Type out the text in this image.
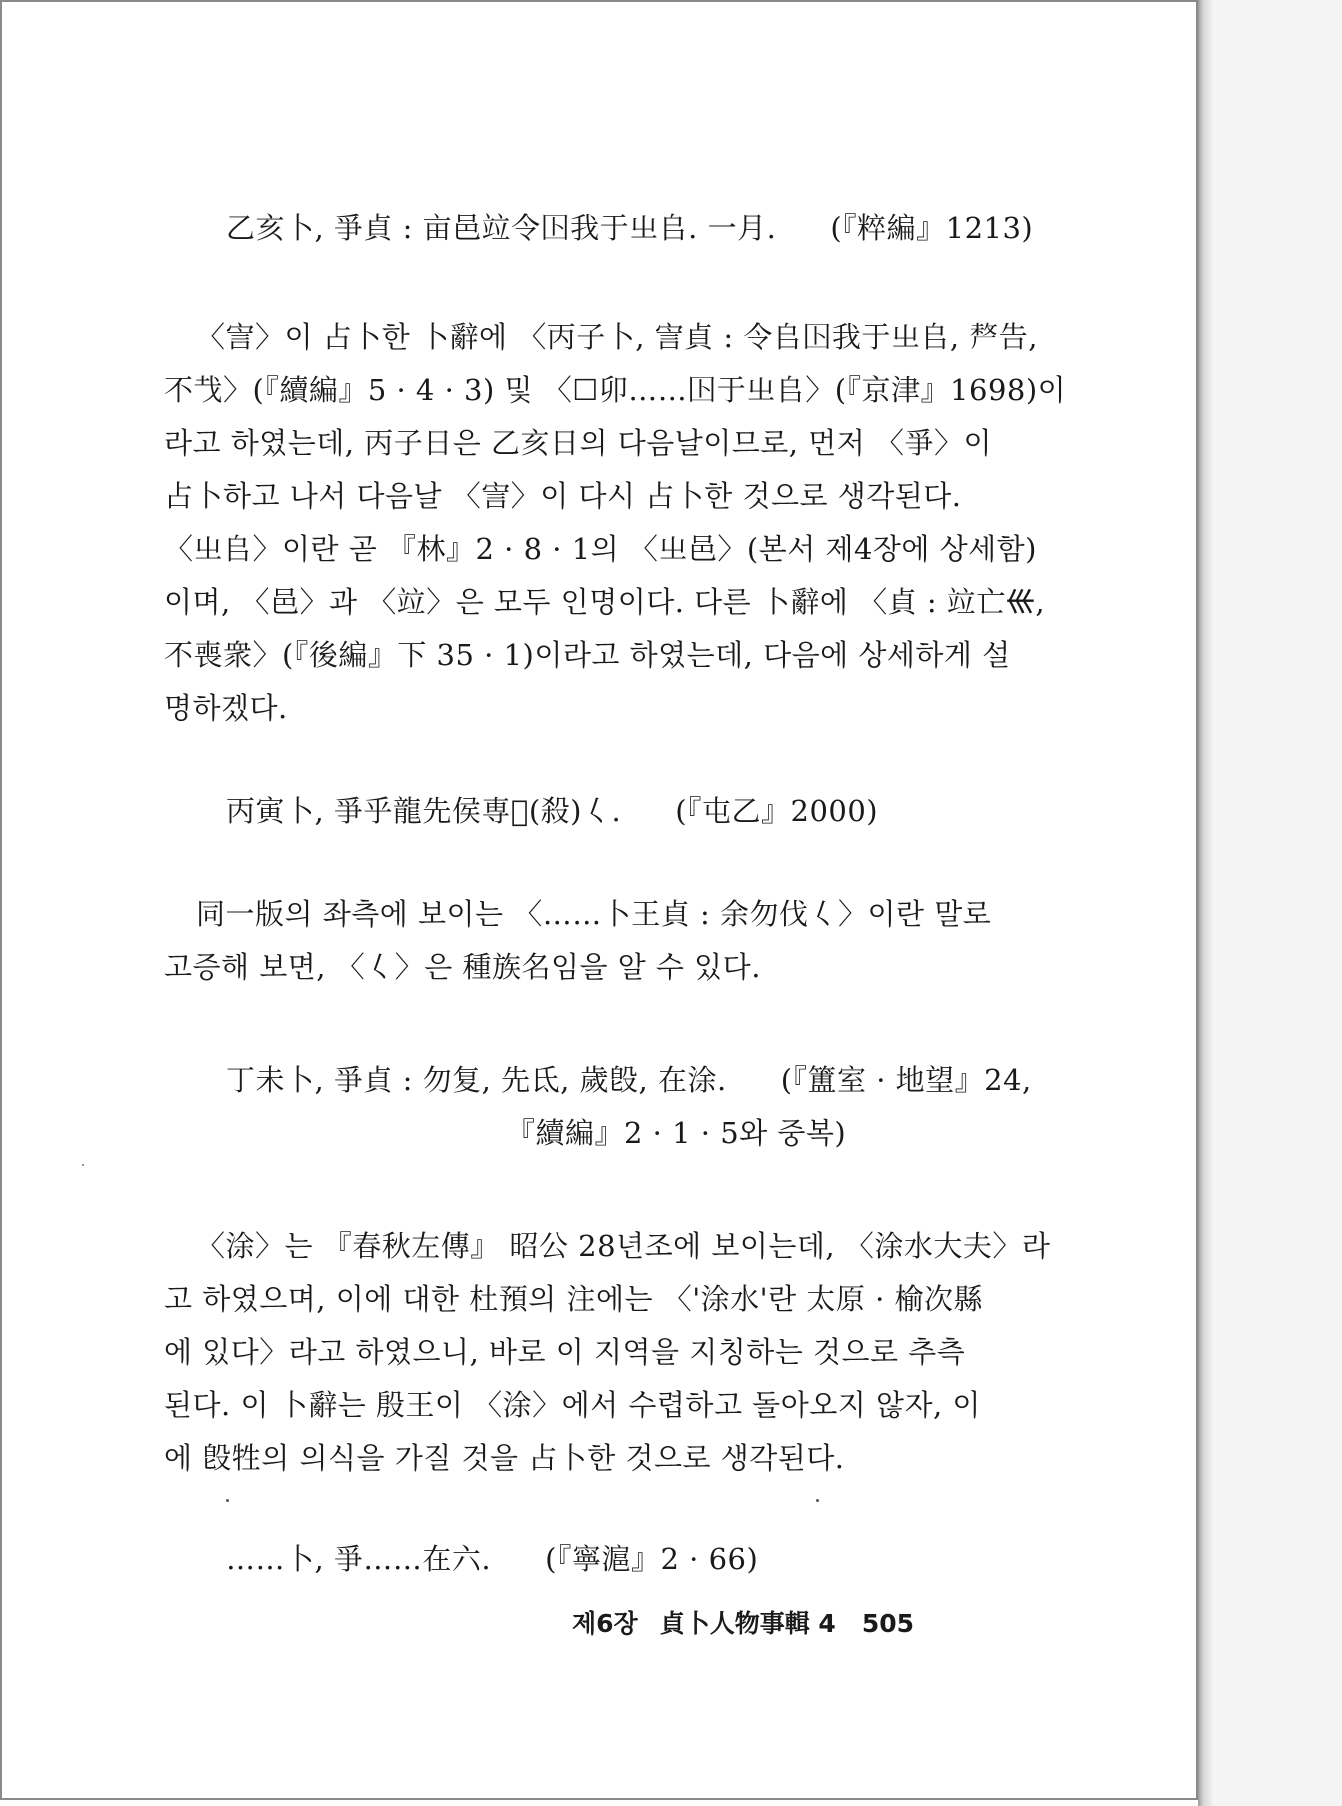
乙亥卜, 爭貞 : 亩邑竝令𡆥我于㞢𠂤. 一月. (『粹編』1213)
〈㝘〉이 占卜한 卜辭에 〈丙子卜, 㝘貞 : 令𠂤𡆥我于㞢𠂤, 𠩺告,
不𢦏〉(『續編』5 · 4 · 3) 및 〈☐卯……𡆥于㞢𠂤〉(『京津』1698)이
라고 하였는데, 丙子日은 乙亥日의 다음날이므로, 먼저 〈爭〉이
占卜하고 나서 다음날 〈㝘〉이 다시 占卜한 것으로 생각된다.
〈㞢𠂤〉이란 곧 『林』2 · 8 · 1의 〈㞢邑〉(본서 제4장에 상세함)
이며, 〈邑〉과 〈竝〉은 모두 인명이다. 다른 卜辭에 〈貞 : 竝亡𡿧,
不喪衆〉(『後編』下 35 · 1)이라고 하였는데, 다음에 상세하게 설
명하겠다.
丙寅卜, 爭乎龍先侯専𢻱(殺)𡿨. (『屯乙』2000)
同一版의 좌측에 보이는 〈……卜王貞 : 余勿伐𡿨〉이란 말로
고증해 보면, 〈𡿨〉은 種族名임을 알 수 있다.
丁未卜, 爭貞 : 勿复, 先氐, 歲𣪘, 在涂. (『簠室 · 地望』24,
『續編』2 · 1 · 5와 중복)
〈涂〉는 『春秋左傳』 昭公 28년조에 보이는데, 〈涂水大夫〉라
고 하였으며, 이에 대한 杜預의 注에는 〈'涂水'란 太原 · 榆次縣
에 있다〉라고 하였으니, 바로 이 지역을 지칭하는 것으로 추측
된다. 이 卜辭는 殷王이 〈涂〉에서 수렵하고 돌아오지 않자, 이
에 𣪘牲의 의식을 가질 것을 占卜한 것으로 생각된다.
……卜, 爭……在六. (『寧滬』2 · 66)
제6장 貞卜人物事輯 4 505
